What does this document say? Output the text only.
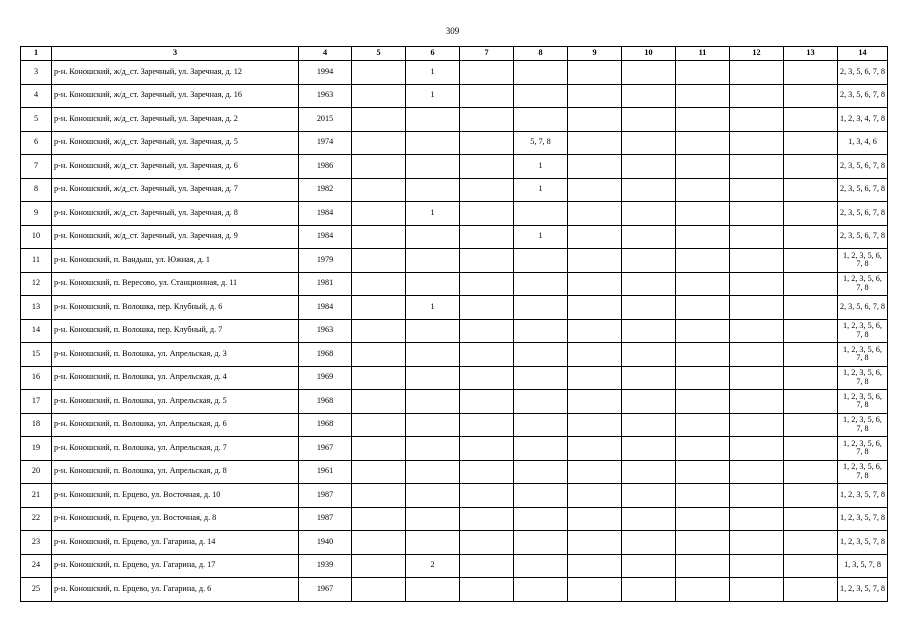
309
1	3	4	5	6	7	8	9	10	11	12	13	14
3	р-н. Коношский, ж/д_ст. Заречный, ул. Заречная, д. 12	1994		1								2, 3, 5, 6, 7, 8
4	р-н. Коношский, ж/д_ст. Заречный, ул. Заречная, д. 16	1963		1								2, 3, 5, 6, 7, 8
5	р-н. Коношский, ж/д_ст. Заречный, ул. Заречная, д. 2	2015										1, 2, 3, 4, 7, 8
6	р-н. Коношский, ж/д_ст. Заречный, ул. Заречная, д. 5	1974				5, 7, 8						1, 3, 4, 6
7	р-н. Коношский, ж/д_ст. Заречный, ул. Заречная, д. 6	1986				1						2, 3, 5, 6, 7, 8
8	р-н. Коношский, ж/д_ст. Заречный, ул. Заречная, д. 7	1982				1						2, 3, 5, 6, 7, 8
9	р-н. Коношский, ж/д_ст. Заречный, ул. Заречная, д. 8	1984		1								2, 3, 5, 6, 7, 8
10	р-н. Коношский, ж/д_ст. Заречный, ул. Заречная, д. 9	1984				1						2, 3, 5, 6, 7, 8
11	р-н. Коношский, п. Вандыш, ул. Южная, д. 1	1979										1, 2, 3, 5, 6, 7, 8
12	р-н. Коношский, п. Вересово, ул. Станционная, д. 11	1981										1, 2, 3, 5, 6, 7, 8
13	р-н. Коношский, п. Волошка, пер. Клубный, д. 6	1984		1								2, 3, 5, 6, 7, 8
14	р-н. Коношский, п. Волошка, пер. Клубный, д. 7	1963										1, 2, 3, 5, 6, 7, 8
15	р-н. Коношский, п. Волошка, ул. Апрельская, д. 3	1968										1, 2, 3, 5, 6, 7, 8
16	р-н. Коношский, п. Волошка, ул. Апрельская, д. 4	1969										1, 2, 3, 5, 6, 7, 8
17	р-н. Коношский, п. Волошка, ул. Апрельская, д. 5	1968										1, 2, 3, 5, 6, 7, 8
18	р-н. Коношский, п. Волошка, ул. Апрельская, д. 6	1968										1, 2, 3, 5, 6, 7, 8
19	р-н. Коношский, п. Волошка, ул. Апрельская, д. 7	1967										1, 2, 3, 5, 6, 7, 8
20	р-н. Коношский, п. Волошка, ул. Апрельская, д. 8	1961										1, 2, 3, 5, 6, 7, 8
21	р-н. Коношский, п. Ерцево, ул. Восточная, д. 10	1987										1, 2, 3, 5, 7, 8
22	р-н. Коношский, п. Ерцево, ул. Восточная, д. 8	1987										1, 2, 3, 5, 7, 8
23	р-н. Коношский, п. Ерцево, ул. Гагарина, д. 14	1940										1, 2, 3, 5, 7, 8
24	р-н. Коношский, п. Ерцево, ул. Гагарина, д. 17	1939		2								1, 3, 5, 7, 8
25	р-н. Коношский, п. Ерцево, ул. Гагарина, д. 6	1967										1, 2, 3, 5, 7, 8
